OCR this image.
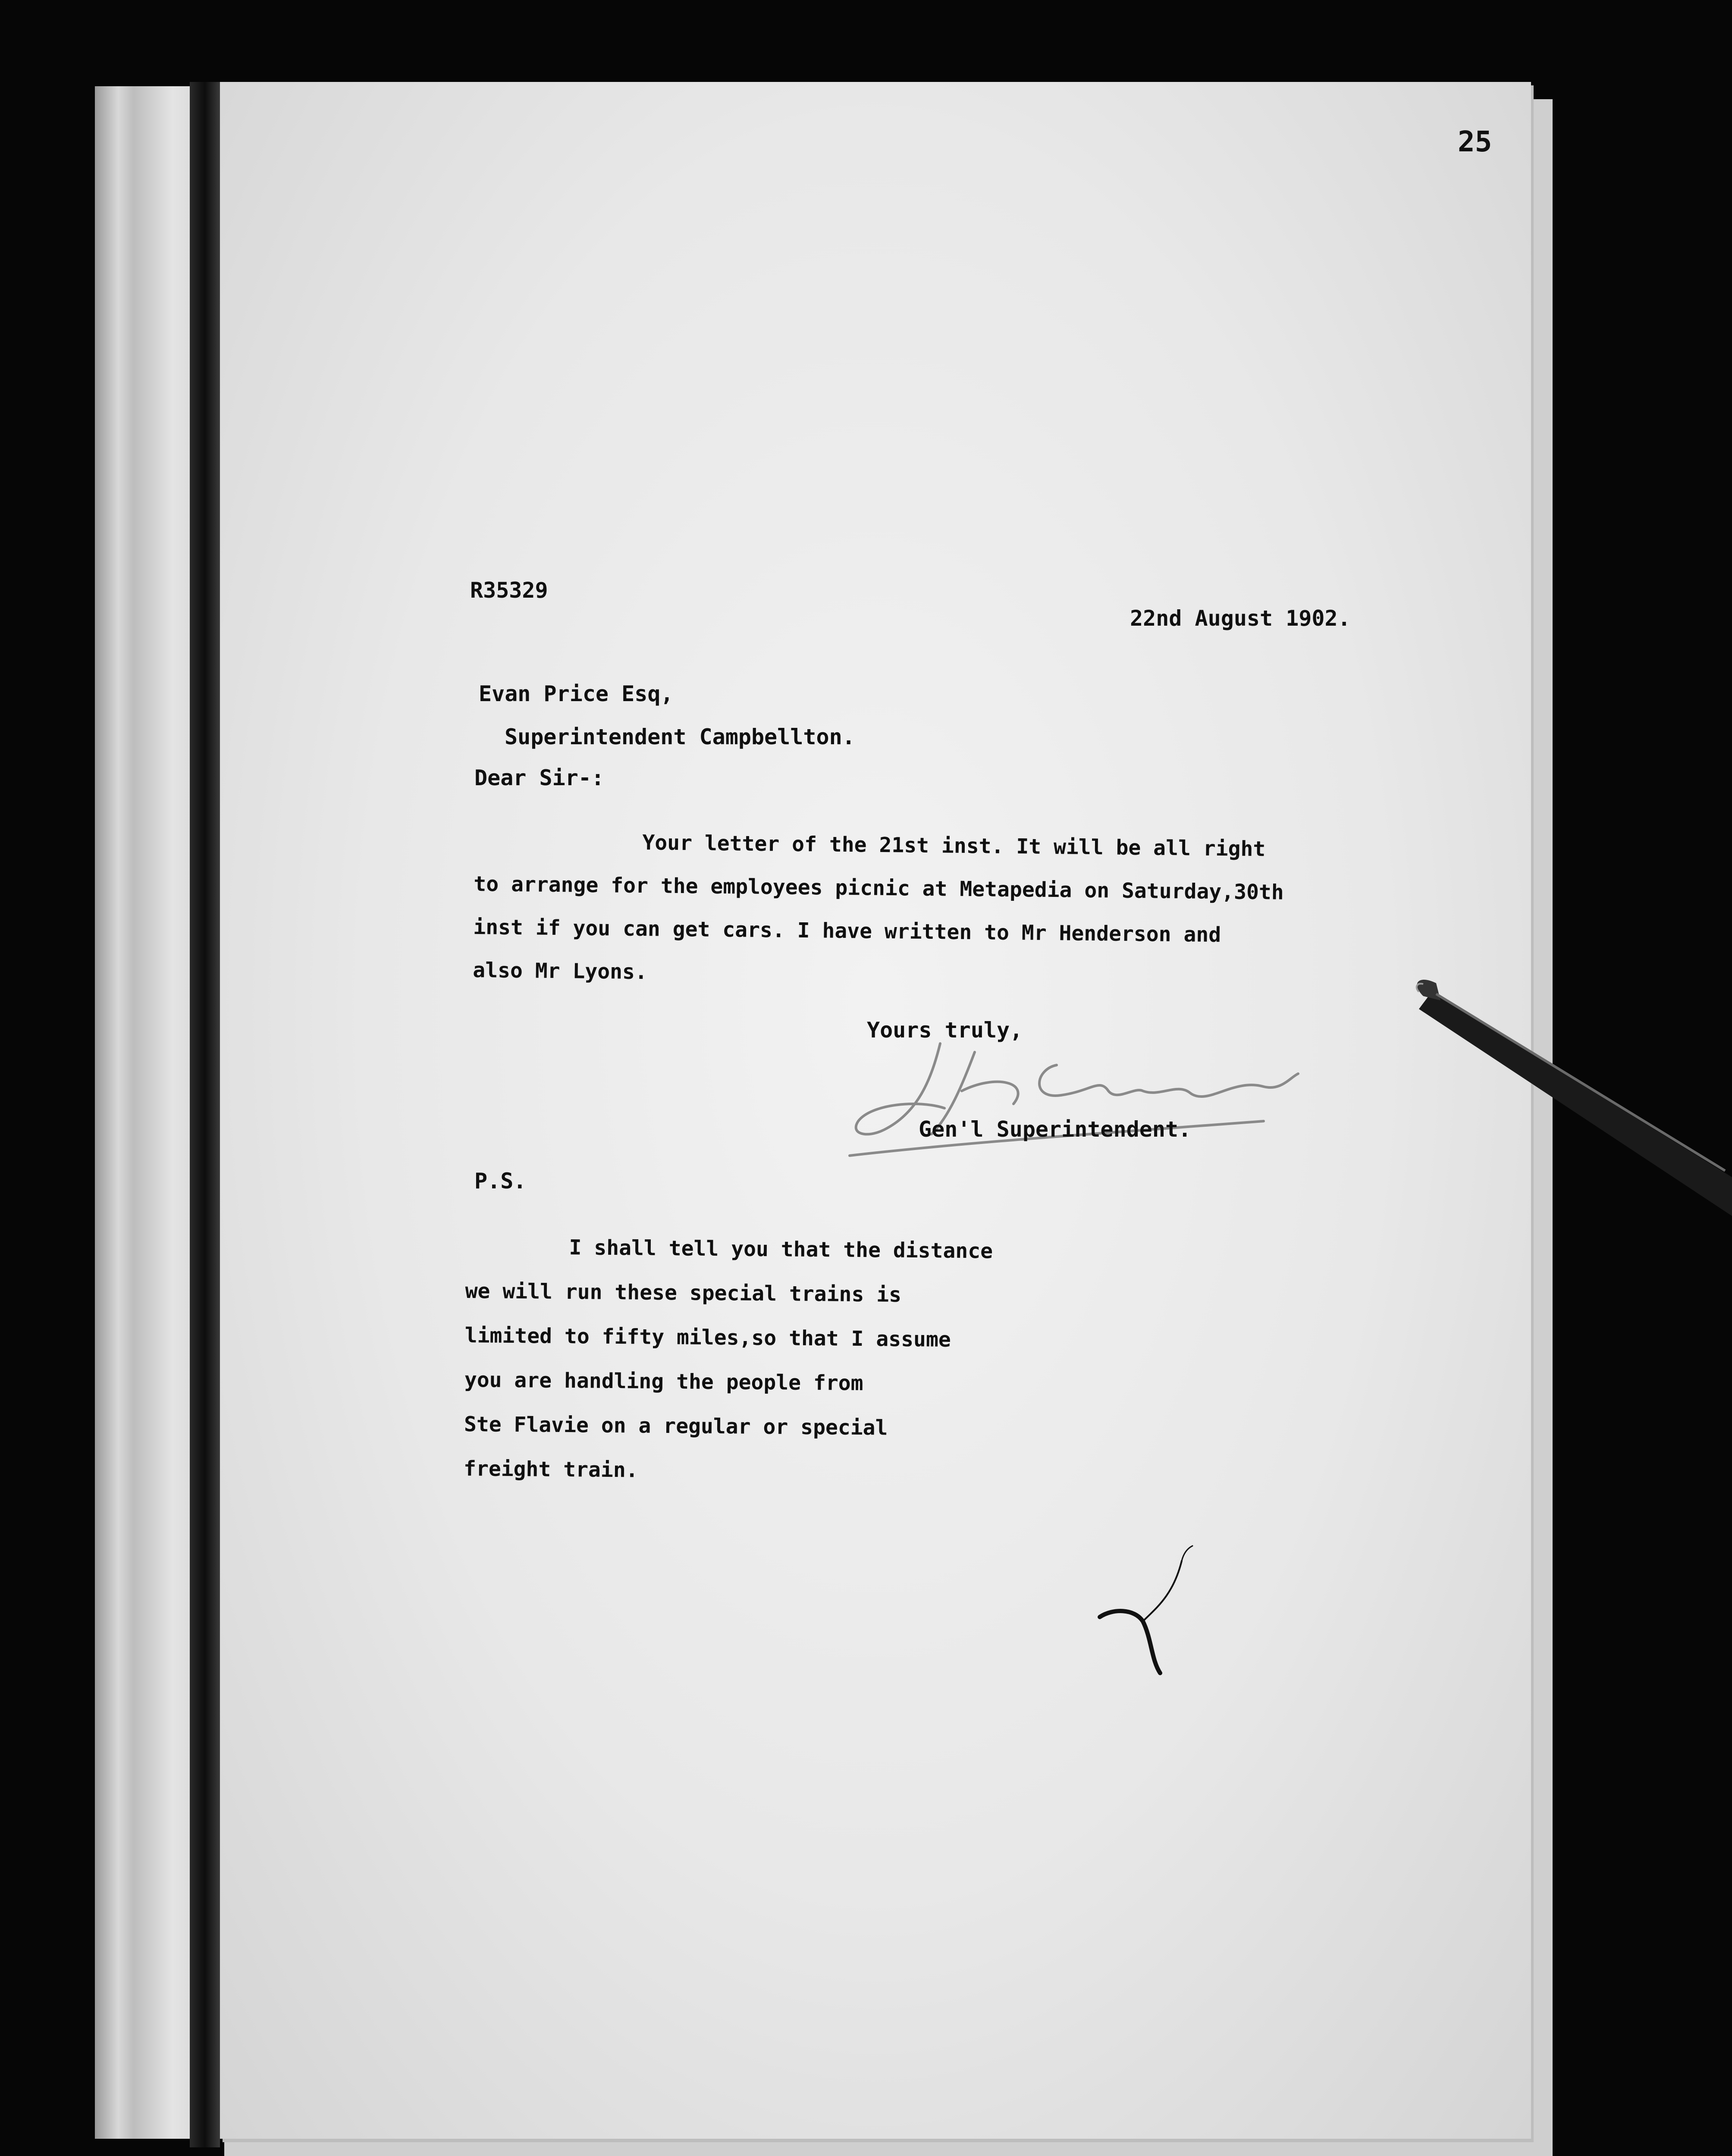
25
R35329
22nd August 1902.
Evan Price Esq,
Superintendent Campbellton.
Dear Sir-:
Your letter of the 21st inst. It will be all right
to arrange for the employees picnic at Metapedia on Saturday,30th
inst if you can get cars. I have written to Mr Henderson and
also Mr Lyons.
Yours truly,
Gen'l Superintendent.
P.S.
I shall tell you that the distance
we will run these special trains is
limited to fifty miles,so that I assume
you are handling the people from
Ste Flavie on a regular or special
freight train.
